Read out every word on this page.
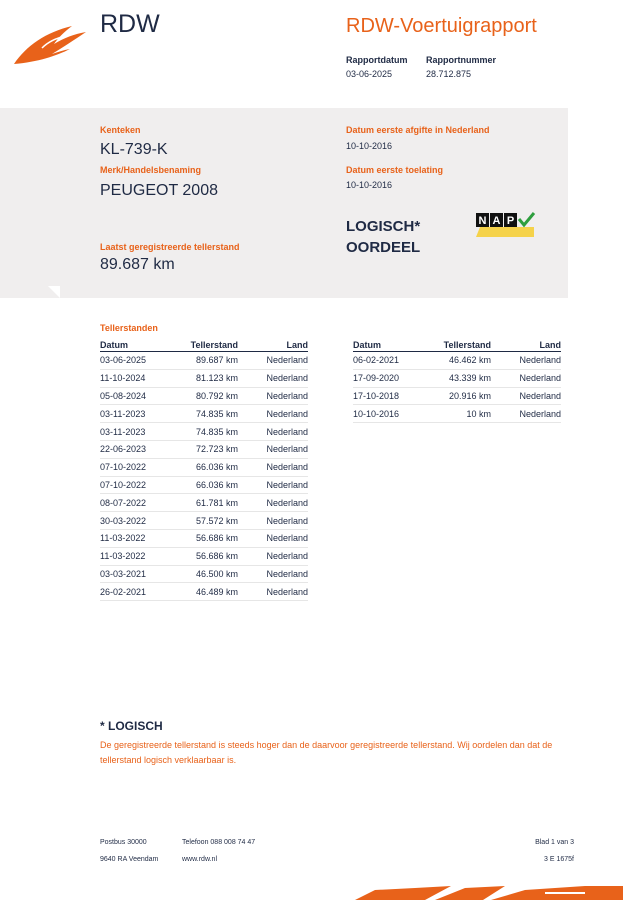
RDW	RDW-Voertuigrapport
Rapportdatum
03-06-2025
Rapportnummer
28.712.875
Kenteken
KL-739-K
Merk/Handelsbenaming
PEUGEOT 2008
Laatst geregistreerde tellerstand
89.687 km
Datum eerste afgifte in Nederland
10-10-2016
Datum eerste toelating
10-10-2016
LOGISCH*
OORDEEL
N A P
Tellerstanden
Datum	Tellerstand	Land
03-06-2025	89.687 km	Nederland
11-10-2024	81.123 km	Nederland
05-08-2024	80.792 km	Nederland
03-11-2023	74.835 km	Nederland
03-11-2023	74.835 km	Nederland
22-06-2023	72.723 km	Nederland
07-10-2022	66.036 km	Nederland
07-10-2022	66.036 km	Nederland
08-07-2022	61.781 km	Nederland
30-03-2022	57.572 km	Nederland
11-03-2022	56.686 km	Nederland
11-03-2022	56.686 km	Nederland
03-03-2021	46.500 km	Nederland
26-02-2021	46.489 km	Nederland
Datum	Tellerstand	Land
06-02-2021	46.462 km	Nederland
17-09-2020	43.339 km	Nederland
17-10-2018	20.916 km	Nederland
10-10-2016	10 km	Nederland
* LOGISCH
De geregistreerde tellerstand is steeds hoger dan de daarvoor geregistreerde tellerstand. Wij oordelen dan dat de tellerstand logisch verklaarbaar is.
Postbus 30000
9640 RA Veendam
Telefoon 088 008 74 47
www.rdw.nl
Blad 1 van 3
3 E 1675f
